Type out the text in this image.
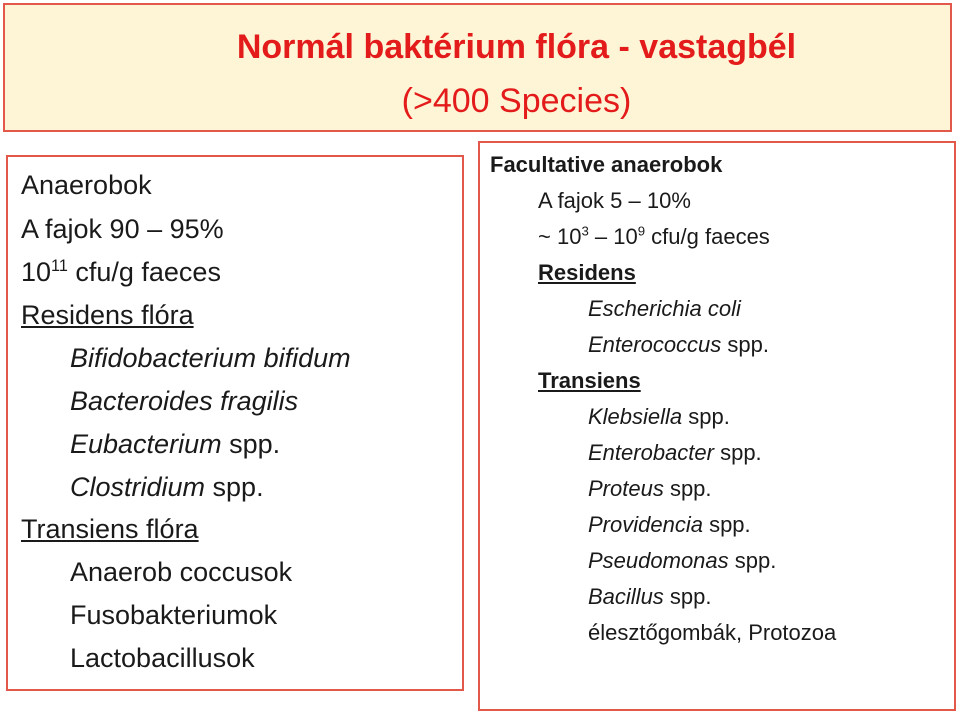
Normál baktérium flóra - vastagbél
(>400 Species)
Anaerobok
A fajok 90 – 95%
$10^{11}$ cfu/g faeces
Residens flóra
Bifidobacterium bifidum
Bacteroides fragilis
Eubacterium spp.
Clostridium spp.
Transiens flóra
Anaerob coccusok
Fusobakteriumok
Lactobacillusok
Facultative anaerobok
A fajok 5 – 10%
~ $10^3 - 10^9$ cfu/g faeces
Residens
Escherichia coli
Enterococcus spp.
Transiens
Klebsiella spp.
Enterobacter spp.
Proteus spp.
Providencia spp.
Pseudomonas spp.
Bacillus spp.
élesztőgombák, Protozoa
